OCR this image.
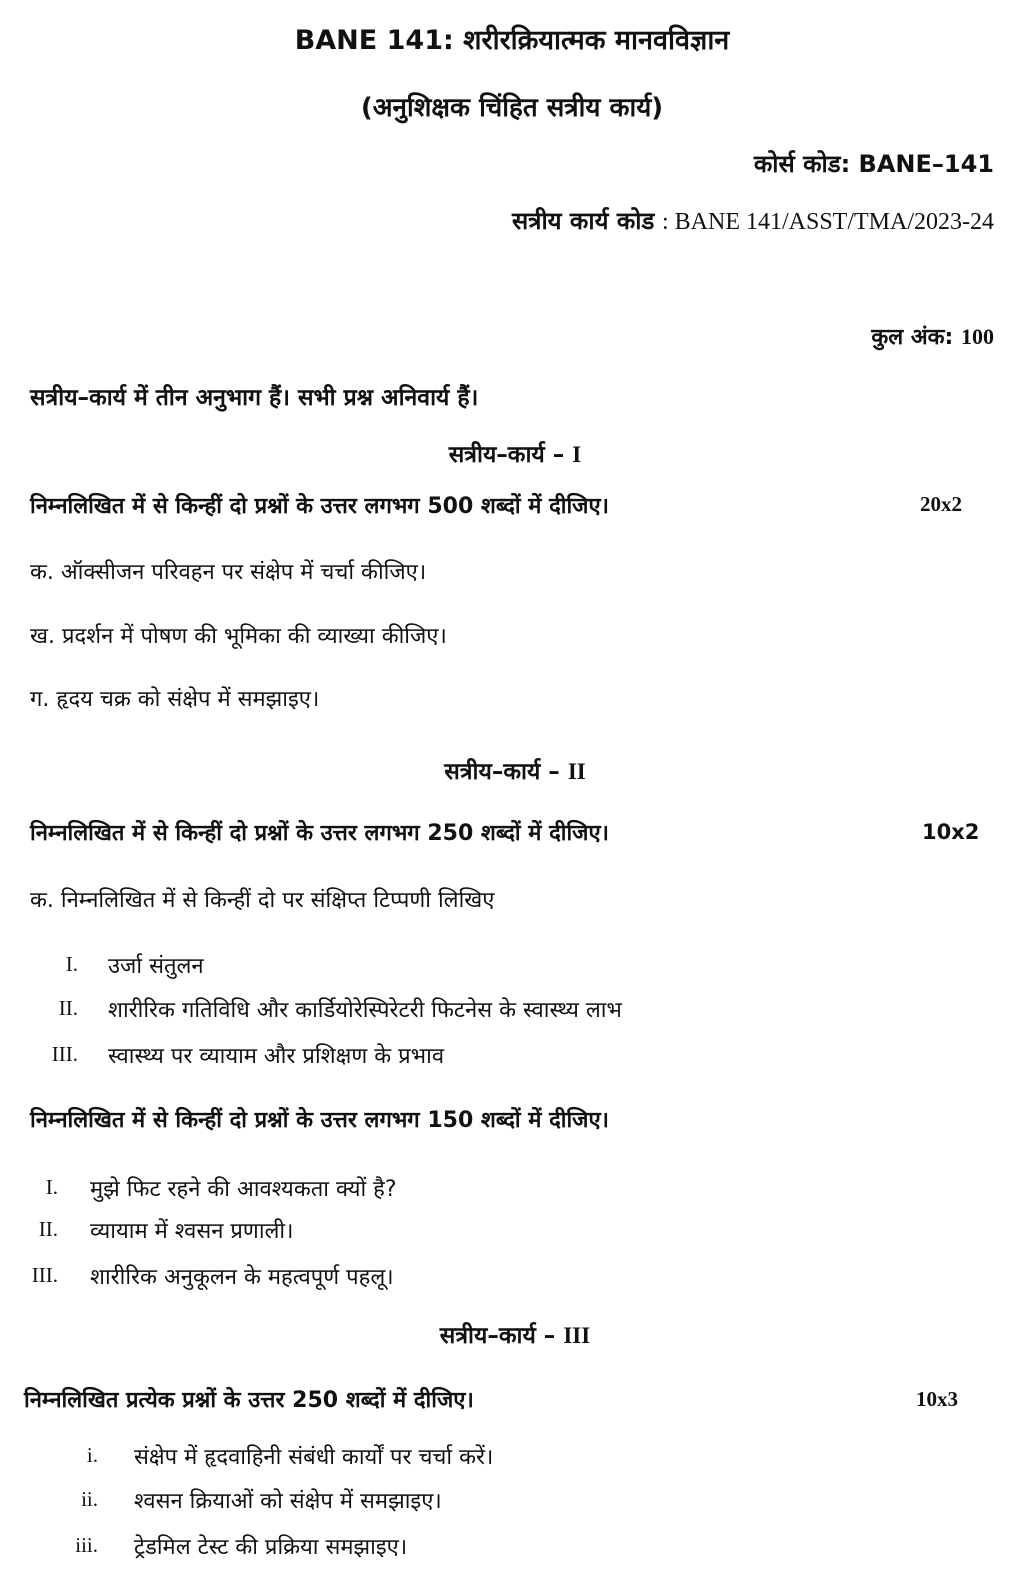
BANE 141: शरीरक्रियात्मक मानवविज्ञान
(अनुशिक्षक चिंहित सत्रीय कार्य)
कोर्स कोड: BANE–141
सत्रीय कार्य कोड : BANE 141/ASST/TMA/2023-24
कुल अंक: 100
सत्रीय–कार्य में तीन अनुभाग हैं। सभी प्रश्न अनिवार्य हैं।
सत्रीय–कार्य – I
निम्नलिखित में से किन्हीं दो प्रश्नों के उत्तर लगभग 500 शब्दों में दीजिए।	20x2
क. ऑक्सीजन परिवहन पर संक्षेप में चर्चा कीजिए।
ख. प्रदर्शन में पोषण की भूमिका की व्याख्या कीजिए।
ग. हृदय चक्र को संक्षेप में समझाइए।
सत्रीय–कार्य – II
निम्नलिखित में से किन्हीं दो प्रश्नों के उत्तर लगभग 250 शब्दों में दीजिए।	10x2
क. निम्नलिखित में से किन्हीं दो पर संक्षिप्त टिप्पणी लिखिए
I. उर्जा संतुलन
II. शारीरिक गतिविधि और कार्डियोरेस्पिरेटरी फिटनेस के स्वास्थ्य लाभ
III. स्वास्थ्य पर व्यायाम और प्रशिक्षण के प्रभाव
निम्नलिखित में से किन्हीं दो प्रश्नों के उत्तर लगभग 150 शब्दों में दीजिए।
I. मुझे फिट रहने की आवश्यकता क्यों है?
II. व्यायाम में श्वसन प्रणाली।
III. शारीरिक अनुकूलन के महत्वपूर्ण पहलू।
सत्रीय–कार्य – III
निम्नलिखित प्रत्येक प्रश्नों के उत्तर 250 शब्दों में दीजिए।	10x3
i. संक्षेप में हृदवाहिनी संबंधी कार्यों पर चर्चा करें।
ii. श्वसन क्रियाओं को संक्षेप में समझाइए।
iii. ट्रेडमिल टेस्ट की प्रक्रिया समझाइए।
